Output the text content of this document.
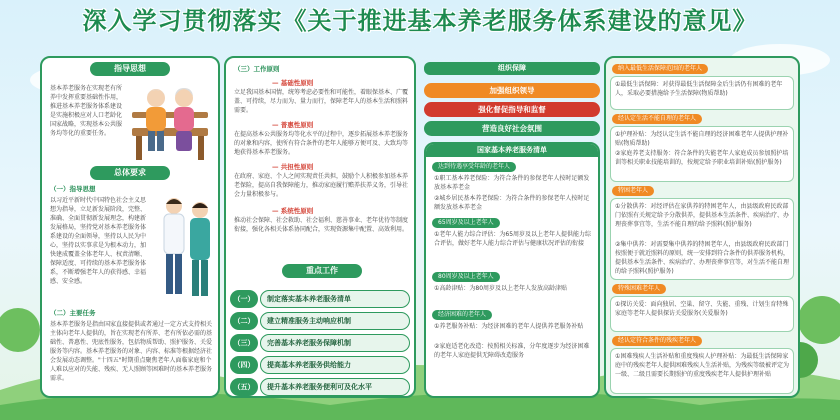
深入学习贯彻落实《关于推进基本养老服务体系建设的意见》
指导思想
基本养老服务在实现老有所养中发挥重要基础性作用，推进基本养老服务体系建设是实施积极应对人口老龄化国家战略，实现基本公共服务均等化的重要任务。
总体要求
（一）指导思想
以习近平新时代中国特色社会主义思想为指导，立足新发展阶段，完整、准确、全面贯彻新发展理念，构建新发展格局，坚持党对基本养老服务体系建设的全面领导，坚持以人民为中心，坚持以实事求是为根本动力，加快建成覆盖全体老年人、权责清晰、保障适度、可持续的基本养老服务体系，不断增强老年人的获得感、幸福感、安全感。
（二）主要任务
基本养老服务是指由国家直接提供或者通过一定方式支持相关主体向老年人提供的，旨在实现老有所养、老有所依必需的基础性、普惠性、兜底性服务，包括物质帮助、照护服务、关爱服务等内容。基本养老服务的对象、内容、标准等根据经济社会发展动态调整。"十四五"时期重点聚焦老年人面临家庭和个人难以应对的失能、残疾、无人照顾等困难时的基本养老服务需求。
（三）工作原则
— 基础性原则
立足我国基本国情，统筹考虑必要性和可能性，着眼保基本、广覆盖、可持续，尽力而为、量力而行，保障老年人的基本生活和照料需要。
— 普惠性原则
在提高基本公共服务均等化水平的过程中，逐步拓展基本养老服务的对象和内容，使所有符合条件的老年人能够方便可及、大致均等地获得基本养老服务。
— 共担性原则
在政府、家庭、个人之间实现责任共担，鼓励个人积极参加基本养老保险，提高自我保障能力，推动家庭履行赡养扶养义务，引导社会力量积极参与。
— 系统性原则
推动社会保障、社会救助、社会福利、慈善事业、老年优待等制度衔接，强化各相关体系协同配合，实现资源集中配置、高效利用。
重点工作
（一）	制定落实基本养老服务清单
（二）	建立精准服务主动响应机制
（三）	完善基本养老服务保障机制
（四）	提高基本养老服务供给能力
（五）	提升基本养老服务便利可及化水平
组织保障
加强组织领导
强化督促指导和监督
营造良好社会氛围
国家基本养老服务清单
达到待遇享受年龄的老年人
①职工基本养老保险：为符合条件的参保老年人按时足额发放基本养老金
②城乡居民基本养老保险：为符合条件的参保老年人按时足额发放基本养老金
65周岁及以上老年人
①老年人能力综合评估：为65周岁及以上老年人提供能力综合评估，做好老年人能力综合评估与健康状况评估的衔接
80周岁及以上老年人
①高龄津贴：为80周岁及以上老年人发放高龄津贴
经济困难的老年人
①养老服务补贴：为经济困难的老年人提供养老服务补贴
②家庭适老化改造：按照相关标准，分年度逐步为经济困难的老年人家庭提供无障碍改造服务
纳入最低生活保障范围的老年人
①最低生活保障：对获得最低生活保障金后生活仍有困难的老年人，采取必要措施给予生活保障(物质帮助)
经认定生活不能自理的老年人
①护理补贴：为经认定生活不能自理的经济困难老年人提供护理补贴(物质帮助)
②家庭养老支持服务：符合条件的失能老年人家庭成员参加照护培训等相关职业技能培训的，按规定给予职业培训补贴(照护服务)
特困老年人
①分散供养：对经评估在家供养的特困老年人，由县级政府民政部门依照有关规定给予分散供养，提供基本生活条件、疾病治疗、办理丧葬事宜等，生活不能自理的给予照料(照护服务)
②集中供养：对需要集中供养的特困老年人，由县级政府民政部门按照便于就近照料的原则，统一安排到符合条件的供养服务机构，提供基本生活条件、疾病治疗、办理丧葬事宜等，对生活不能自理的给予照料(照护服务)
特殊困难老年人
①探访关爱：面向独居、空巢、留守、失能、重残、计划生育特殊家庭等老年人提供探访关爱服务(关爱服务)
经认定符合条件的残疾老年人
①困难残疾人生活补贴和重度残疾人护理补贴：为最低生活保障家庭中的残疾老年人提供困难残疾人生活补贴，为残疾等级被评定为一级、二级且需要长期照护的重度残疾老年人提供护理补贴
